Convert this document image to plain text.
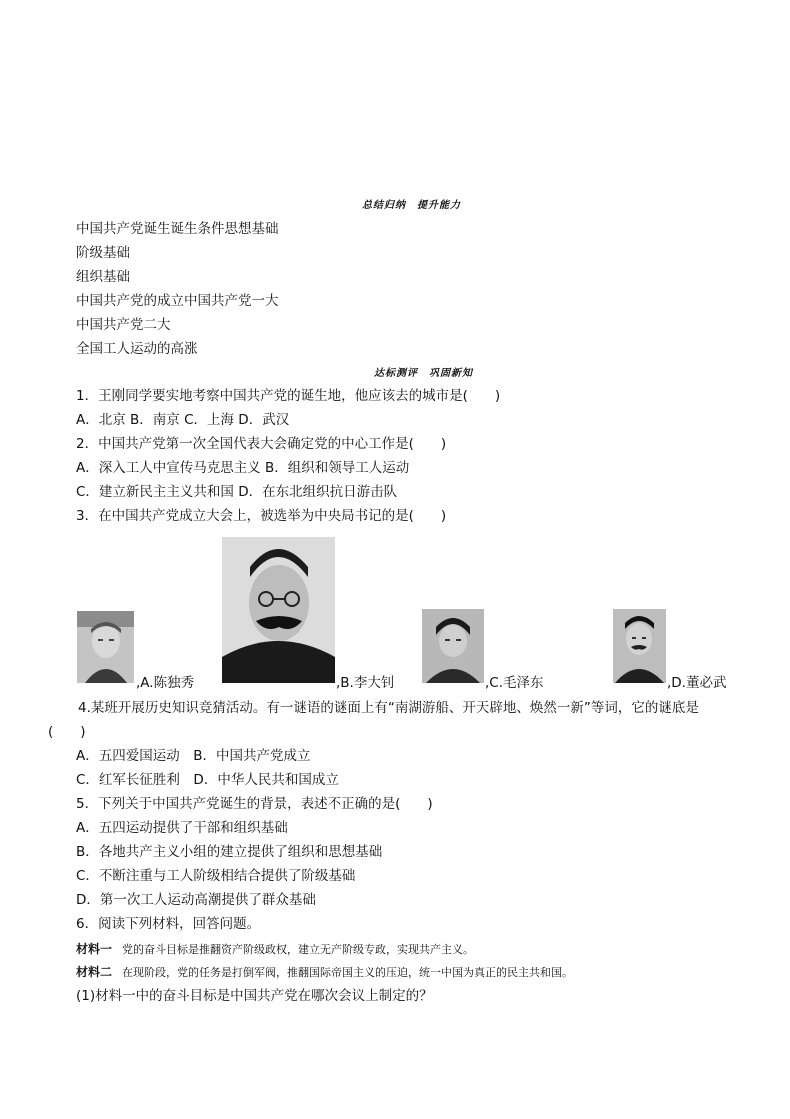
总结归纳　提升能力
中国共产党诞生诞生条件思想基础
阶级基础
组织基础
中国共产党的成立中国共产党一大
中国共产党二大
全国工人运动的高涨
达标测评　巩固新知
1．王刚同学要实地考察中国共产党的诞生地，他应该去的城市是(　　)
A．北京 B．南京 C．上海 D．武汉
2．中国共产党第一次全国代表大会确定党的中心工作是(　　)
A．深入工人中宣传马克思主义 B．组织和领导工人运动
C．建立新民主主义共和国 D．在东北组织抗日游击队
3．在中国共产党成立大会上，被选举为中央局书记的是(　　)
,A.陈独秀	,B.李大钊	,C.毛泽东	,D.董必武
4.某班开展历史知识竞猜活动。有一谜语的谜面上有“南湖游船、开天辟地、焕然一新”等词，它的谜底是
(　　)
A．五四爱国运动　B．中国共产党成立
C．红军长征胜利　D．中华人民共和国成立
5．下列关于中国共产党诞生的背景，表述不正确的是(　　)
A．五四运动提供了干部和组织基础
B．各地共产主义小组的建立提供了组织和思想基础
C．不断注重与工人阶级相结合提供了阶级基础
D．第一次工人运动高潮提供了群众基础
6．阅读下列材料，回答问题。
材料一 党的奋斗目标是推翻资产阶级政权，建立无产阶级专政，实现共产主义。
材料二 在现阶段，党的任务是打倒军阀，推翻国际帝国主义的压迫，统一中国为真正的民主共和国。
(1)材料一中的奋斗目标是中国共产党在哪次会议上制定的？
